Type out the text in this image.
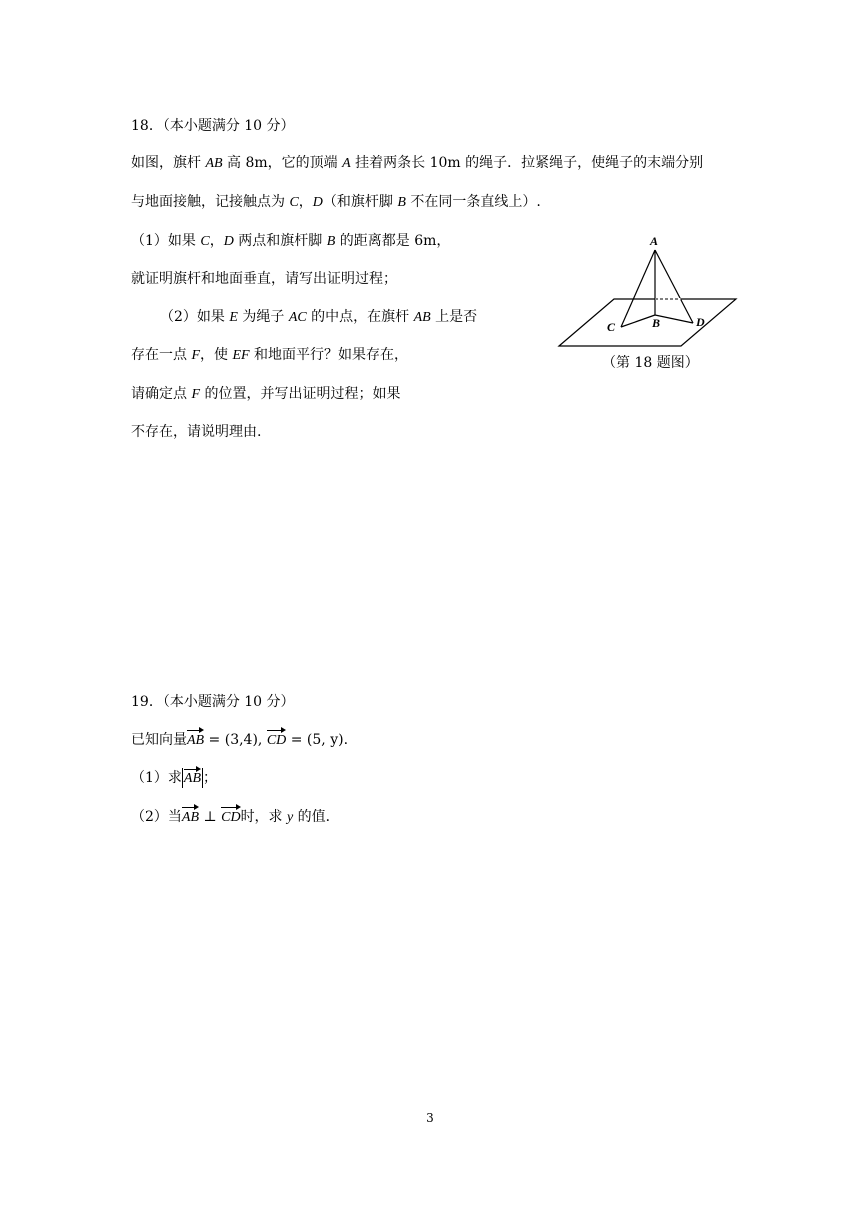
18．（本小题满分 10 分）
如图，旗杆 AB 高 8m，它的顶端 A 挂着两条长 10m 的绳子．拉紧绳子，使绳子的末端分别
与地面接触，记接触点为 C，D（和旗杆脚 B 不在同一条直线上）.
（1）如果 C，D 两点和旗杆脚 B 的距离都是 6m，
就证明旗杆和地面垂直，请写出证明过程；
（2）如果 E 为绳子 AC 的中点，在旗杆 AB 上是否
存在一点 F，使 EF 和地面平行？如果存在，
请确定点 F 的位置，并写出证明过程；如果
不存在，请说明理由.
A
B
C	D
（第 18 题图）
19．（本小题满分 10 分）
已知向量AB = (3,4), CD = (5, y).
（1）求 AB ；
（2）当AB ⊥ CD时，求 y 的值．
3
